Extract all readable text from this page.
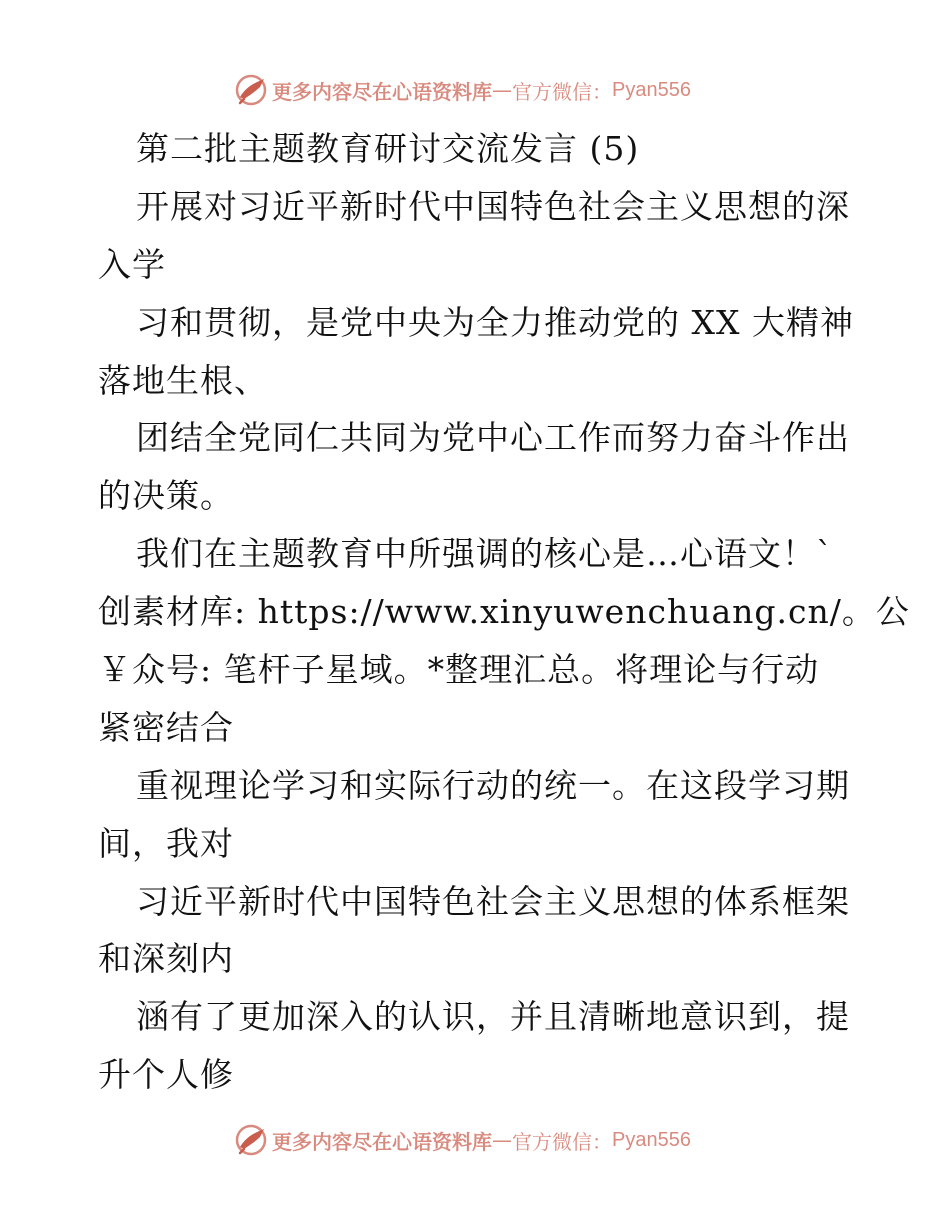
更多内容尽在心语资料库 — 官方微信： Pyan556
第二批主题教育研讨交流发言 (5)
开展对习近平新时代中国特色社会主义思想的深
入学
习和贯彻，是党中央为全力推动党的 XX 大精神
落地生根、
团结全党同仁共同为党中心工作而努力奋斗作出
的决策。
我们在主题教育中所强调的核心是…心语文！`
创素材库: https://www.xinyuwenchuang.cn/。公
￥众号: 笔杆子星域。*整理汇总。将理论与行动
紧密结合
重视理论学习和实际行动的统一。在这段学习期
间，我对
习近平新时代中国特色社会主义思想的体系框架
和深刻内
涵有了更加深入的认识，并且清晰地意识到，提
升个人修
更多内容尽在心语资料库 — 官方微信： Pyan556
